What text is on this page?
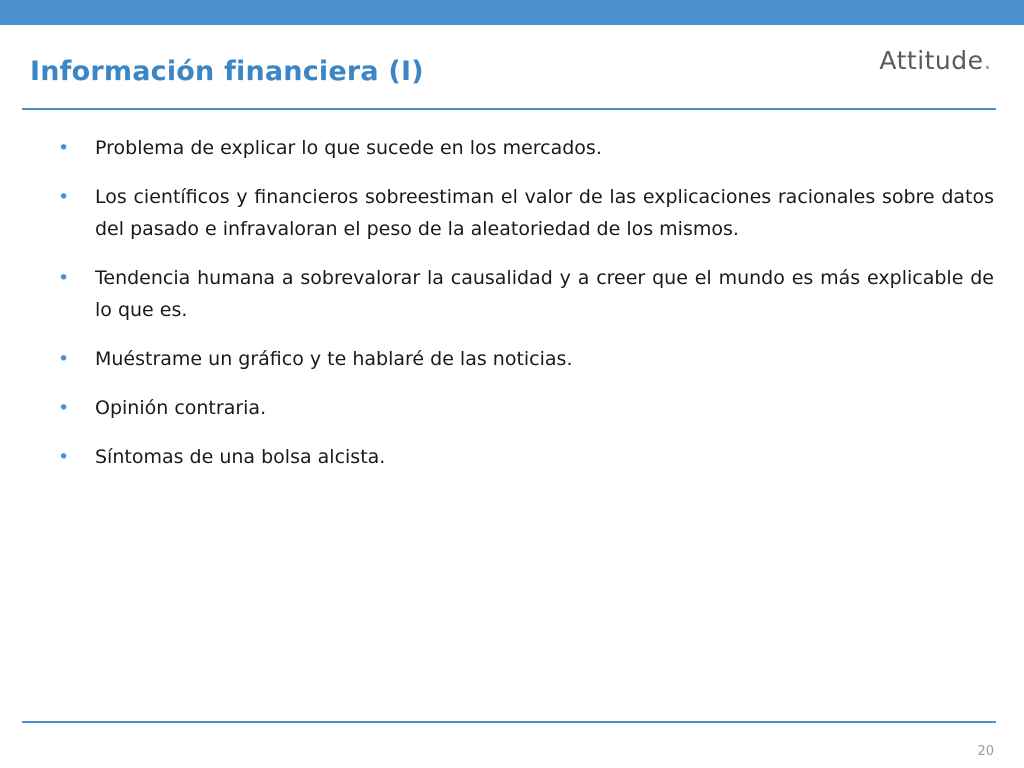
Información financiera (I)	Attitude.
• Problema de explicar lo que sucede en los mercados.
• Los científicos y financieros sobreestiman el valor de las explicaciones racionales sobre datos del pasado e infravaloran el peso de la aleatoriedad de los mismos.
• Tendencia humana a sobrevalorar la causalidad y a creer que el mundo es más explicable de lo que es.
• Muéstrame un gráfico y te hablaré de las noticias.
• Opinión contraria.
• Síntomas de una bolsa alcista.
20
